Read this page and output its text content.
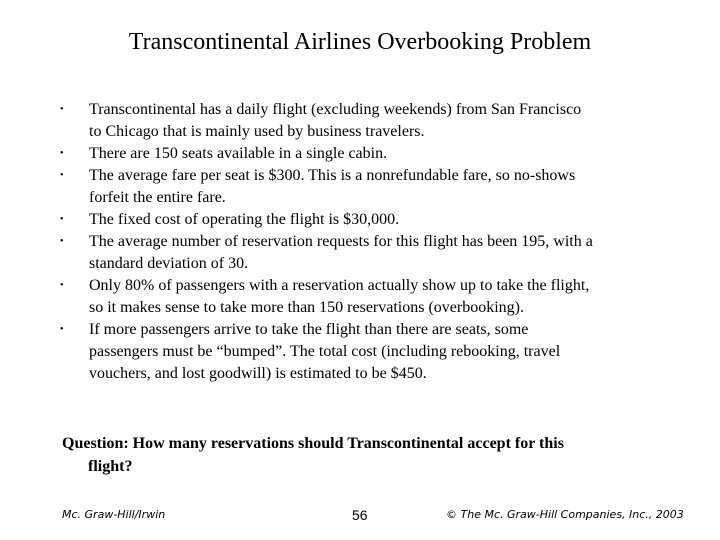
Transcontinental Airlines Overbooking Problem
• Transcontinental has a daily flight (excluding weekends) from San Francisco
to Chicago that is mainly used by business travelers.
• There are 150 seats available in a single cabin.
• The average fare per seat is $300. This is a nonrefundable fare, so no-shows
forfeit the entire fare.
• The fixed cost of operating the flight is $30,000.
• The average number of reservation requests for this flight has been 195, with a
standard deviation of 30.
• Only 80% of passengers with a reservation actually show up to take the flight,
so it makes sense to take more than 150 reservations (overbooking).
• If more passengers arrive to take the flight than there are seats, some
passengers must be “bumped”. The total cost (including rebooking, travel
vouchers, and lost goodwill) is estimated to be $450.
Question: How many reservations should Transcontinental accept for this
flight?
Mc. Graw-Hill/Irwin	56	© The Mc. Graw-Hill Companies, Inc., 2003
